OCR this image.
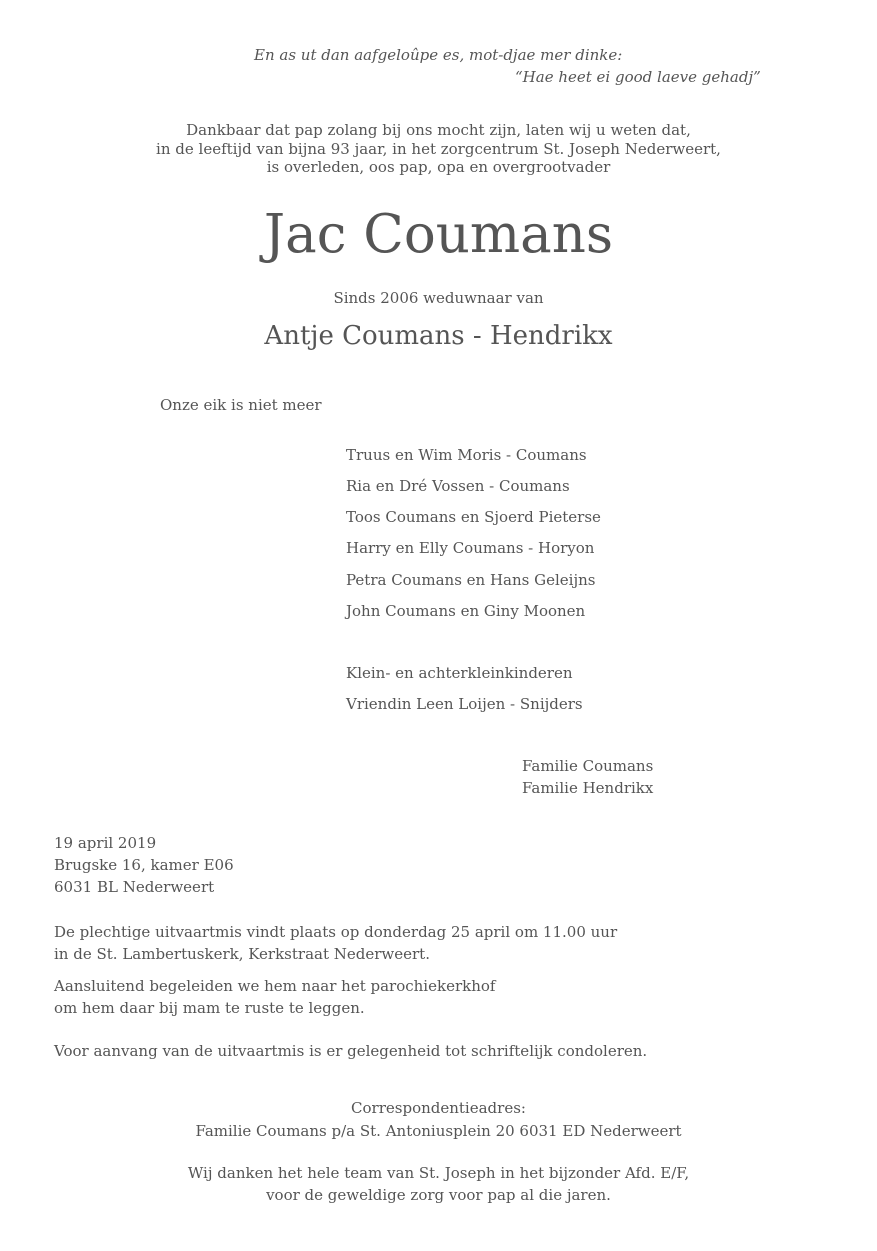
En as ut dan aafgeloûpe es, mot-djae mer dinke:
“Hae heet ei good laeve gehadj”
Dankbaar dat pap zolang bij ons mocht zijn, laten wij u weten dat,
in de leeftijd van bijna 93 jaar, in het zorgcentrum St. Joseph Nederweert,
is overleden, oos pap, opa en overgrootvader
Jac Coumans
Sinds 2006 weduwnaar van
Antje Coumans - Hendrikx
Onze eik is niet meer
Truus en Wim Moris - Coumans
Ria en Dré Vossen - Coumans
Toos Coumans en Sjoerd Pieterse
Harry en Elly Coumans - Horyon
Petra Coumans en Hans Geleijns
John Coumans en Giny Moonen
Klein- en achterkleinkinderen
Vriendin Leen Loijen - Snijders
Familie Coumans
Familie Hendrikx
19 april 2019
Brugske 16, kamer E06
6031 BL Nederweert
De plechtige uitvaartmis vindt plaats op donderdag 25 april om 11.00 uur
in de St. Lambertuskerk, Kerkstraat Nederweert.
Aansluitend begeleiden we hem naar het parochiekerkhof
om hem daar bij mam te ruste te leggen.
Voor aanvang van de uitvaartmis is er gelegenheid tot schriftelijk condoleren.
Correspondentieadres:
Familie Coumans p/a St. Antoniusplein 20 6031 ED Nederweert
Wij danken het hele team van St. Joseph in het bijzonder Afd. E/F,
voor de geweldige zorg voor pap al die jaren.
